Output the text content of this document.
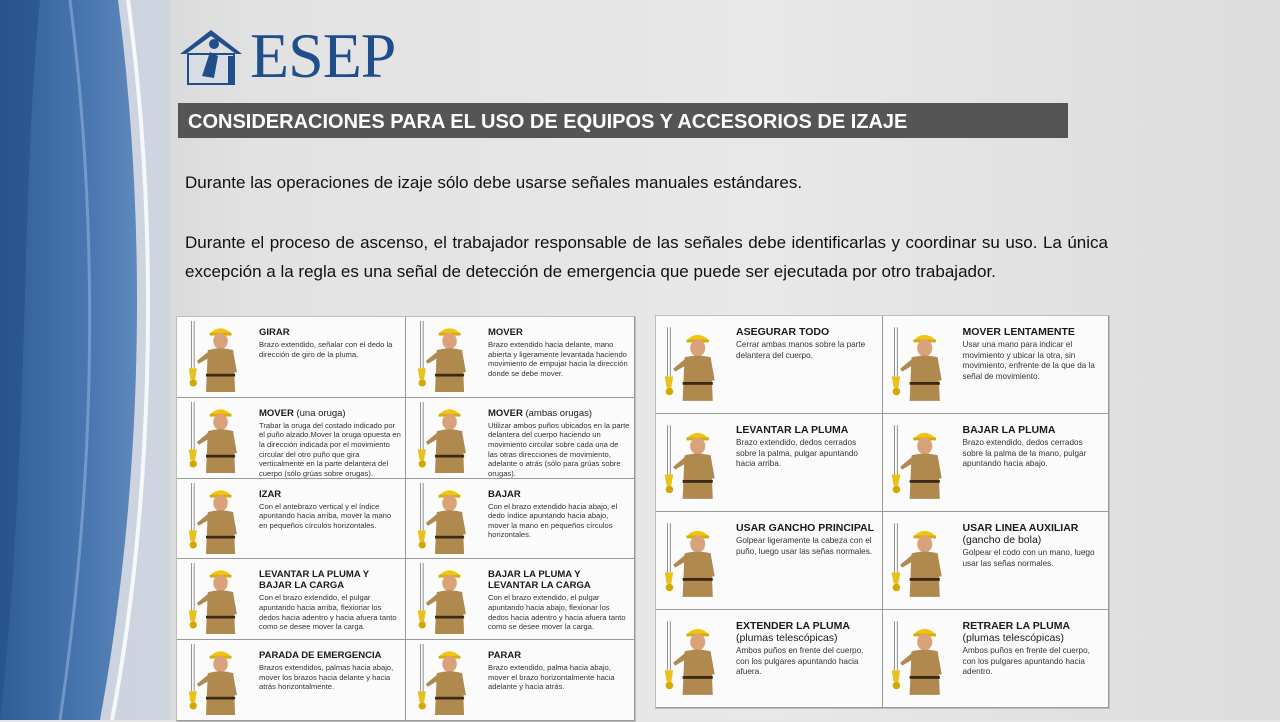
ESEP
CONSIDERACIONES PARA EL USO DE EQUIPOS Y ACCESORIOS DE IZAJE
Durante las operaciones de izaje sólo debe usarse señales manuales estándares.
Durante el proceso de ascenso, el trabajador responsable de las señales debe identificarlas y coordinar su uso. La única excepción a la regla es una señal de detección de emergencia que puede ser ejecutada por otro trabajador.
GIRAR
Brazo extendido, señalar con el dedo la dirección de giro de la pluma.
MOVER
Brazo extendido hacia delante, mano abierta y ligeramente levantada haciendo movimiento de empujar hacia la dirección donde se debe mover.
MOVER (una oruga)
Trabar la oruga del costado indicado por el puño alzado.Mover la oruga opuesta en la dirección indicada por el movimiento circular del otro puño que gira verticalmente en la parte delantera del cuerpo (sólo grúas sobre orugas).
MOVER (ambas orugas)
Utilizar ambos puños ubicados en la parte delantera del cuerpo haciendo un movimiento circular sobre cada una de las otras direcciones de movimiento, adelante o atrás (sólo para grúas sobre orugas).
IZAR
Con el antebrazo vertical y el índice apuntando hacia arriba, mover la mano en pequeños círculos horizontales.
BAJAR
Con el brazo extendido hacia abajo, el dedo índice apuntando hacia abajo, mover la mano en pequeños círculos horizontales.
LEVANTAR LA PLUMA Y BAJAR LA CARGA
Con el brazo extendido, el pulgar apuntando hacia arriba, flexionar los dedos hacia adentro y hacia afuera tanto como se desee mover la carga.
BAJAR LA PLUMA Y LEVANTAR LA CARGA
Con el brazo extendido, el pulgar apuntando hacia abajo, flexionar los dedos hacia adentro y hacia afuera tanto como se desee mover la carga.
PARADA DE EMERGENCIA
Brazos extendidos, palmas hacia abajo, mover los brazos hacia delante y hacia atrás horizontalmente.
PARAR
Brazo extendido, palma hacia abajo, mover el brazo horizontalmente hacia adelante y hacia atrás.
ASEGURAR TODO
Cerrar ambas manos sobre la parte delantera del cuerpo.
MOVER LENTAMENTE
Usar una mano para indicar el movimiento y ubicar la otra, sin movimiento, enfrente de la que da la señal de movimiento.
LEVANTAR LA PLUMA
Brazo extendido, dedos cerrados sobre la palma, pulgar apuntando hacia arriba.
BAJAR LA PLUMA
Brazo extendido, dedos cerrados sobre la palma de la mano, pulgar apuntando hacia abajo.
USAR GANCHO PRINCIPAL
Golpear ligeramente la cabeza con el puño, luego usar las señas normales.
USAR LINEA AUXILIAR
(gancho de bola)
Golpear el codo con un mano, luego usar las señas normales.
EXTENDER LA PLUMA
(plumas telescópicas)
Ambos puños en frente del cuerpo, con los pulgares apuntando hacia afuera.
RETRAER LA PLUMA
(plumas telescópicas)
Ambos puños en frente del cuerpo, con los pulgares apuntando hacia adentro.
